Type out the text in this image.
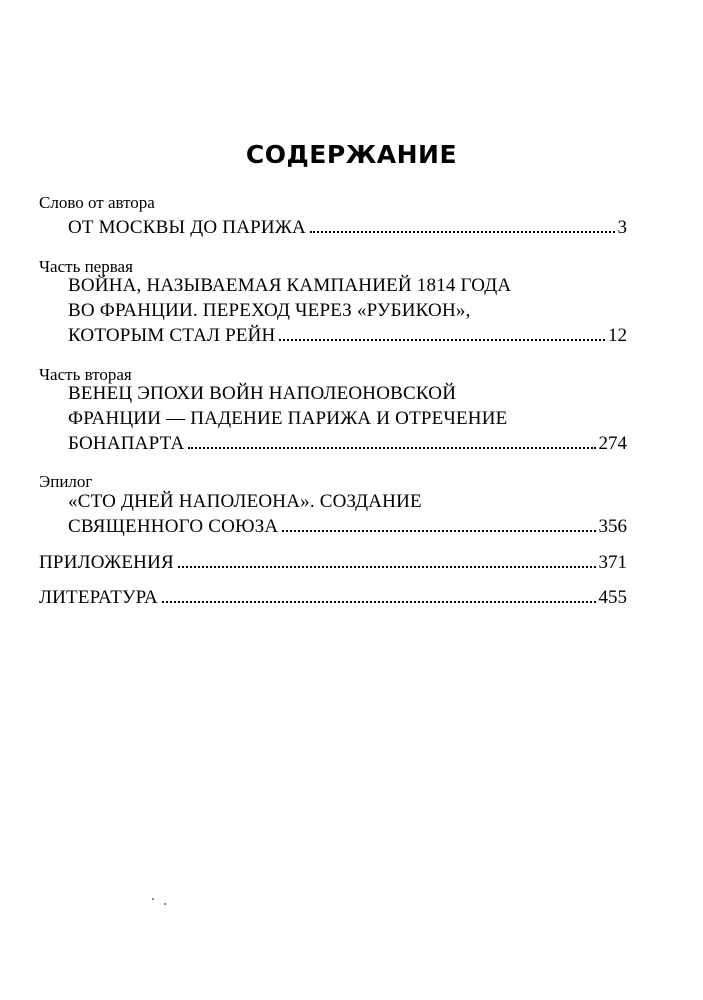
СОДЕРЖАНИЕ
Слово от автора
ОТ МОСКВЫ ДО ПАРИЖА	3
Часть первая
ВОЙНА, НАЗЫВАЕМАЯ КАМПАНИЕЙ 1814 ГОДА
ВО ФРАНЦИИ. ПЕРЕХОД ЧЕРЕЗ «РУБИКОН»,
КОТОРЫМ СТАЛ РЕЙН	12
Часть вторая
ВЕНЕЦ ЭПОХИ ВОЙН НАПОЛЕОНОВСКОЙ
ФРАНЦИИ — ПАДЕНИЕ ПАРИЖА И ОТРЕЧЕНИЕ
БОНАПАРТА	274
Эпилог
«СТО ДНЕЙ НАПОЛЕОНА». СОЗДАНИЕ
СВЯЩЕННОГО СОЮЗА	356
ПРИЛОЖЕНИЯ	371
ЛИТЕРАТУРА	455
